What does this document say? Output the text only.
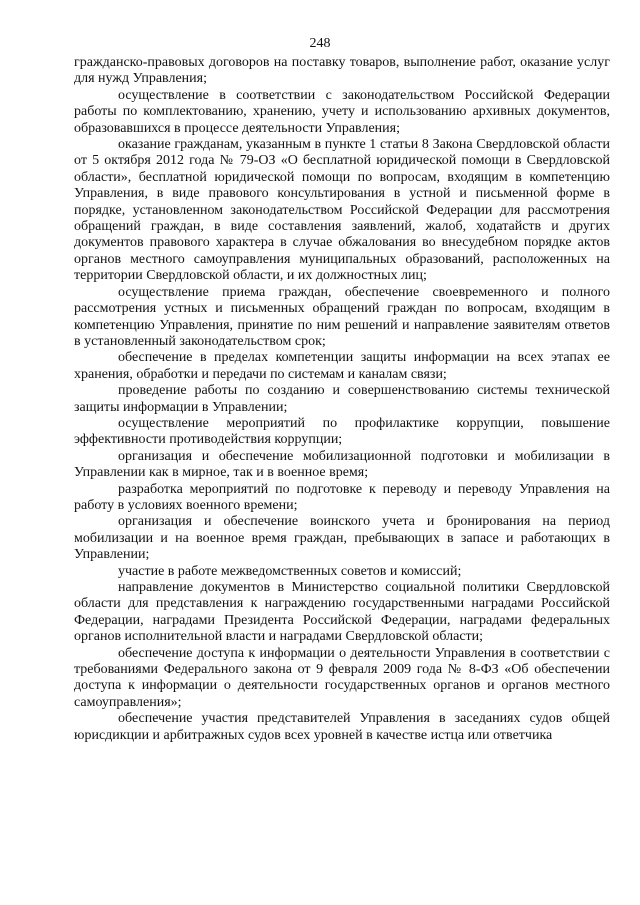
248

гражданско-правовых договоров на поставку товаров, выполнение работ, оказание услуг для нужд Управления;

осуществление в соответствии с законодательством Российской Федерации работы по комплектованию, хранению, учету и использованию архивных документов, образовавшихся в процессе деятельности Управления;

оказание гражданам, указанным в пункте 1 статьи 8 Закона Свердловской области от 5 октября 2012 года № 79-ОЗ «О бесплатной юридической помощи в Свердловской области», бесплатной юридической помощи по вопросам, входящим в компетенцию Управления, в виде правового консультирования в устной и письменной форме в порядке, установленном законодательством Российской Федерации для рассмотрения обращений граждан, в виде составления заявлений, жалоб, ходатайств и других документов правового характера в случае обжалования во внесудебном порядке актов органов местного самоуправления муниципальных образований, расположенных на территории Свердловской области, и их должностных лиц;

осуществление приема граждан, обеспечение своевременного и полного рассмотрения устных и письменных обращений граждан по вопросам, входящим в компетенцию Управления, принятие по ним решений и направление заявителям ответов в установленный законодательством срок;

обеспечение в пределах компетенции защиты информации на всех этапах ее хранения, обработки и передачи по системам и каналам связи;

проведение работы по созданию и совершенствованию системы технической защиты информации в Управлении;

осуществление мероприятий по профилактике коррупции, повышение эффективности противодействия коррупции;

организация и обеспечение мобилизационной подготовки и мобилизации в Управлении как в мирное, так и в военное время;

разработка мероприятий по подготовке к переводу и переводу Управления на работу в условиях военного времени;

организация и обеспечение воинского учета и бронирования на период мобилизации и на военное время граждан, пребывающих в запасе и работающих в Управлении;

участие в работе межведомственных советов и комиссий;

направление документов в Министерство социальной политики Свердловской области для представления к награждению государственными наградами Российской Федерации, наградами Президента Российской Федерации, наградами федеральных органов исполнительной власти и наградами Свердловской области;

обеспечение доступа к информации о деятельности Управления в соответствии с требованиями Федерального закона от 9 февраля 2009 года № 8-ФЗ «Об обеспечении доступа к информации о деятельности государственных органов и органов местного самоуправления»;

обеспечение участия представителей Управления в заседаниях судов общей юрисдикции и арбитражных судов всех уровней в качестве истца или ответчика
